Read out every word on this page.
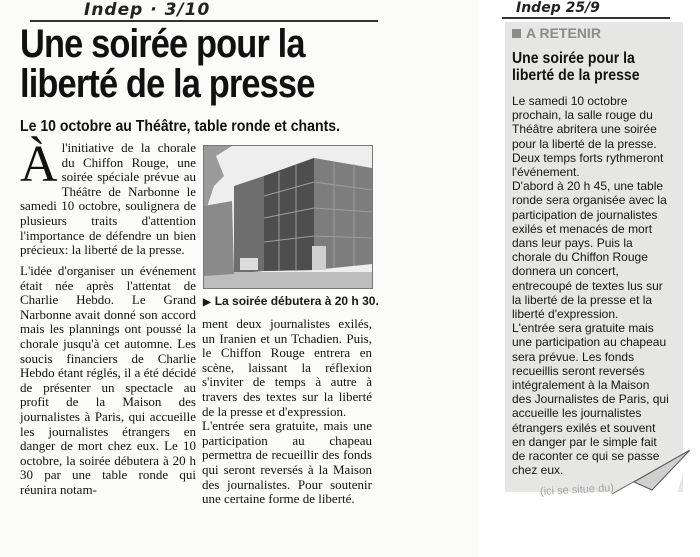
Indep · 3/10
Une soirée pour la liberté de la presse
Le 10 octobre au Théâtre, table ronde et chants.
À l'initiative de la chorale du Chiffon Rouge, une soirée spéciale prévue au Théâtre de Narbonne le samedi 10 octobre, soulignera de plusieurs traits d'attention l'importance de défendre un bien précieux: la liberté de la presse.

L'idée d'organiser un événement était née après l'attentat de Charlie Hebdo. Le Grand Narbonne avait donné son accord mais les plannings ont poussé la chorale jusqu'à cet automne. Les soucis financiers de Charlie Hebdo étant réglés, il a été décidé de présenter un spectacle au profit de la Maison des journalistes à Paris, qui accueille les journalistes étrangers en danger de mort chez eux. Le 10 octobre, la soirée débutera à 20 h 30 par une table ronde qui réunira notam-

▶ La soirée débutera à 20 h 30.

ment deux journalistes exilés, un Iranien et un Tchadien. Puis, le Chiffon Rouge entrera en scène, laissant la réflexion s'inviter de temps à autre à travers des textes sur la liberté de la presse et d'expression.

L'entrée sera gratuite, mais une participation au chapeau permettra de recueillir des fonds qui seront reversés à la Maison des journalistes. Pour soutenir une certaine forme de liberté.

Indep 25/9
A RETENIR
Une soirée pour la liberté de la presse

Le samedi 10 octobre prochain, la salle rouge du Théâtre abritera une soirée pour la liberté de la presse. Deux temps forts rythmeront l'événement.

D'abord à 20 h 45, une table ronde sera organisée avec la participation de journalistes exilés et menacés de mort dans leur pays. Puis la chorale du Chiffon Rouge donnera un concert, entrecoupé de textes lus sur la liberté de la presse et la liberté d'expression.

L'entrée sera gratuite mais une participation au chapeau sera prévue. Les fonds recueillis seront reversés intégralement à la Maison des Journalistes de Paris, qui accueille les journalistes étrangers exilés et souvent en danger par le simple fait de raconter ce qui se passe chez eux.

(ici se situe du)
